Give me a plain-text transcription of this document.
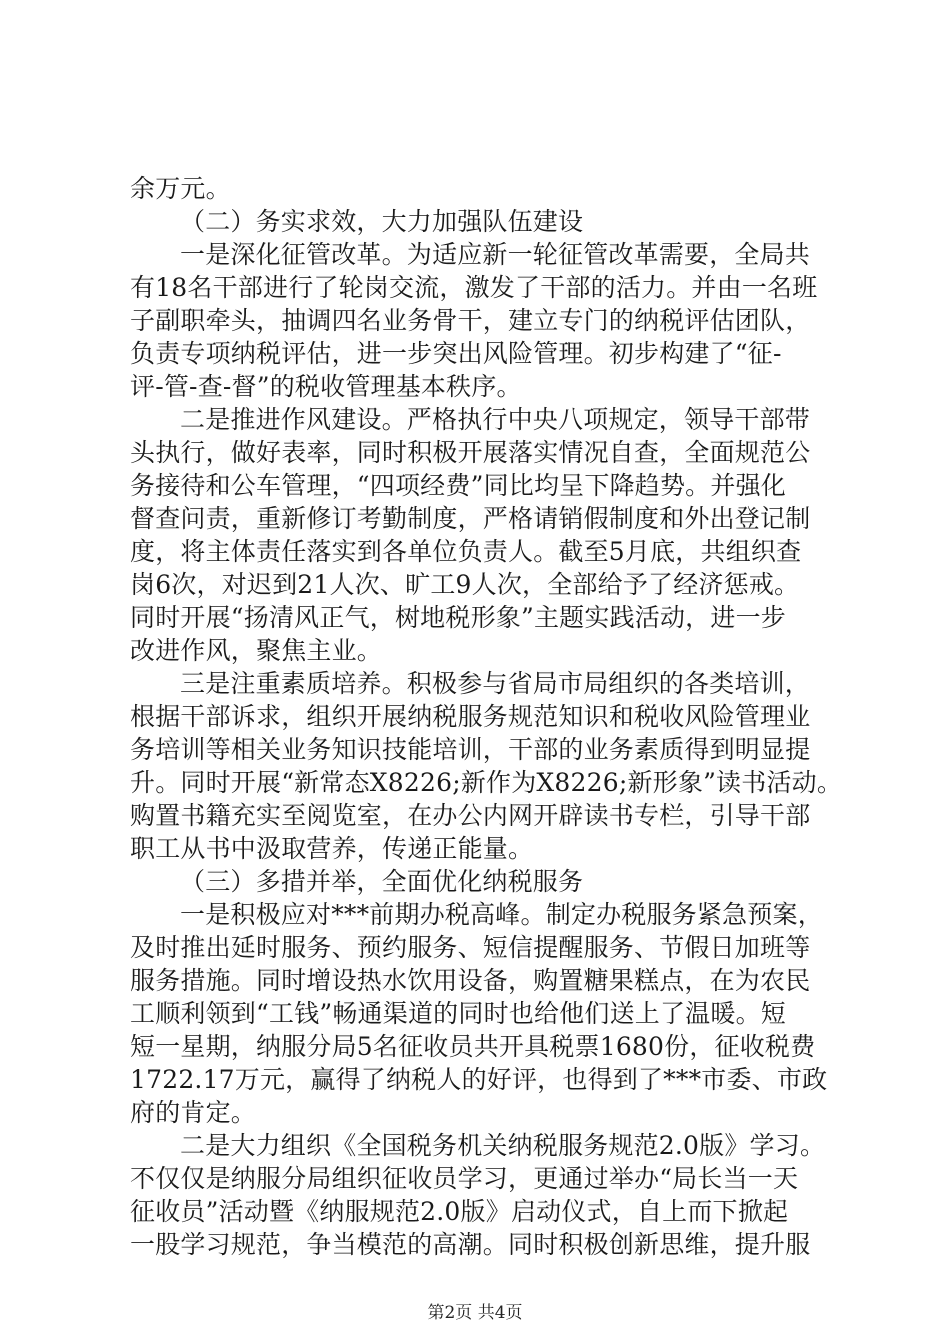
余万元。
（二）务实求效，大力加强队伍建设
一是深化征管改革。为适应新一轮征管改革需要，全局共
有18名干部进行了轮岗交流，激发了干部的活力。并由一名班
子副职牵头，抽调四名业务骨干，建立专门的纳税评估团队，
负责专项纳税评估，进一步突出风险管理。初步构建了“征-
评-管-查-督”的税收管理基本秩序。
二是推进作风建设。严格执行中央八项规定，领导干部带
头执行，做好表率，同时积极开展落实情况自查，全面规范公
务接待和公车管理，“四项经费”同比均呈下降趋势。并强化
督查问责，重新修订考勤制度，严格请销假制度和外出登记制
度，将主体责任落实到各单位负责人。截至5月底，共组织查
岗6次，对迟到21人次、旷工9人次，全部给予了经济惩戒。
同时开展“扬清风正气，树地税形象”主题实践活动，进一步
改进作风，聚焦主业。
三是注重素质培养。积极参与省局市局组织的各类培训，
根据干部诉求，组织开展纳税服务规范知识和税收风险管理业
务培训等相关业务知识技能培训，干部的业务素质得到明显提
升。同时开展“新常态X8226;新作为X8226;新形象”读书活动。
购置书籍充实至阅览室，在办公内网开辟读书专栏，引导干部
职工从书中汲取营养，传递正能量。
（三）多措并举，全面优化纳税服务
一是积极应对***前期办税高峰。制定办税服务紧急预案，
及时推出延时服务、预约服务、短信提醒服务、节假日加班等
服务措施。同时增设热水饮用设备，购置糖果糕点，在为农民
工顺利领到“工钱”畅通渠道的同时也给他们送上了温暖。短
短一星期，纳服分局5名征收员共开具税票1680份，征收税费
1722.17万元，赢得了纳税人的好评，也得到了***市委、市政
府的肯定。
二是大力组织《全国税务机关纳税服务规范2.0版》学习。
不仅仅是纳服分局组织征收员学习，更通过举办“局长当一天
征收员”活动暨《纳服规范2.0版》启动仪式，自上而下掀起
一股学习规范，争当模范的高潮。同时积极创新思维，提升服
第2页 共4页
